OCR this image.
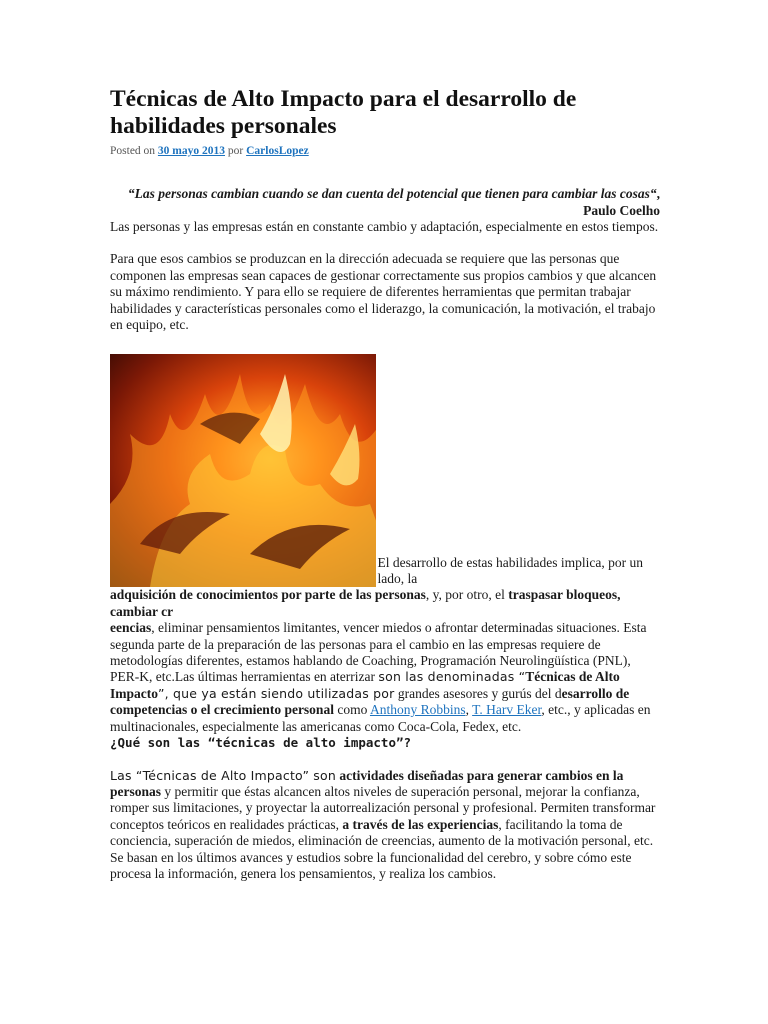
Técnicas de Alto Impacto para el desarrollo de habilidades personales
Posted on 30 mayo 2013 por CarlosLopez
“Las personas cambian cuando se dan cuenta del potencial que tienen para cambiar las cosas“, Paulo Coelho

Las personas y las empresas están en constante cambio y adaptación, especialmente en estos tiempos.

Para que esos cambios se produzcan en la dirección adecuada se requiere que las personas que componen las empresas sean capaces de gestionar correctamente sus propios cambios y que alcancen su máximo rendimiento. Y para ello se requiere de diferentes herramientas que permitan trabajar habilidades y características personales como el liderazgo, la comunicación, la motivación, el trabajo en equipo, etc.

El desarrollo de estas habilidades implica, por un lado, la

adquisición de conocimientos por parte de las personas, y, por otro, el traspasar bloqueos, cambiar cr
eencias, eliminar pensamientos limitantes, vencer miedos o afrontar determinadas situaciones. Esta segunda parte de la preparación de las personas para el cambio en las empresas requiere de metodologías diferentes, estamos hablando de Coaching, Programación Neurolingüística (PNL), PER-K, etc.Las últimas herramientas en aterrizar son las denominadas “Técnicas de Alto Impacto”, que ya están siendo utilizadas por grandes asesores y gurús del desarrollo de competencias o el crecimiento personal como Anthony Robbins, T. Harv Eker, etc., y aplicadas en multinacionales, especialmente las americanas como Coca-Cola, Fedex, etc.

¿Qué son las “técnicas de alto impacto”?

Las “Técnicas de Alto Impacto” son actividades diseñadas para generar cambios en la personas y permitir que éstas alcancen altos niveles de superación personal, mejorar la confianza, romper sus limitaciones, y proyectar la autorrealización personal y profesional. Permiten transformar conceptos teóricos en realidades prácticas, a través de las experiencias, facilitando la toma de conciencia, superación de miedos, eliminación de creencias, aumento de la motivación personal, etc.

Se basan en los últimos avances y estudios sobre la funcionalidad del cerebro, y sobre cómo este procesa la información, genera los pensamientos, y realiza los cambios.
